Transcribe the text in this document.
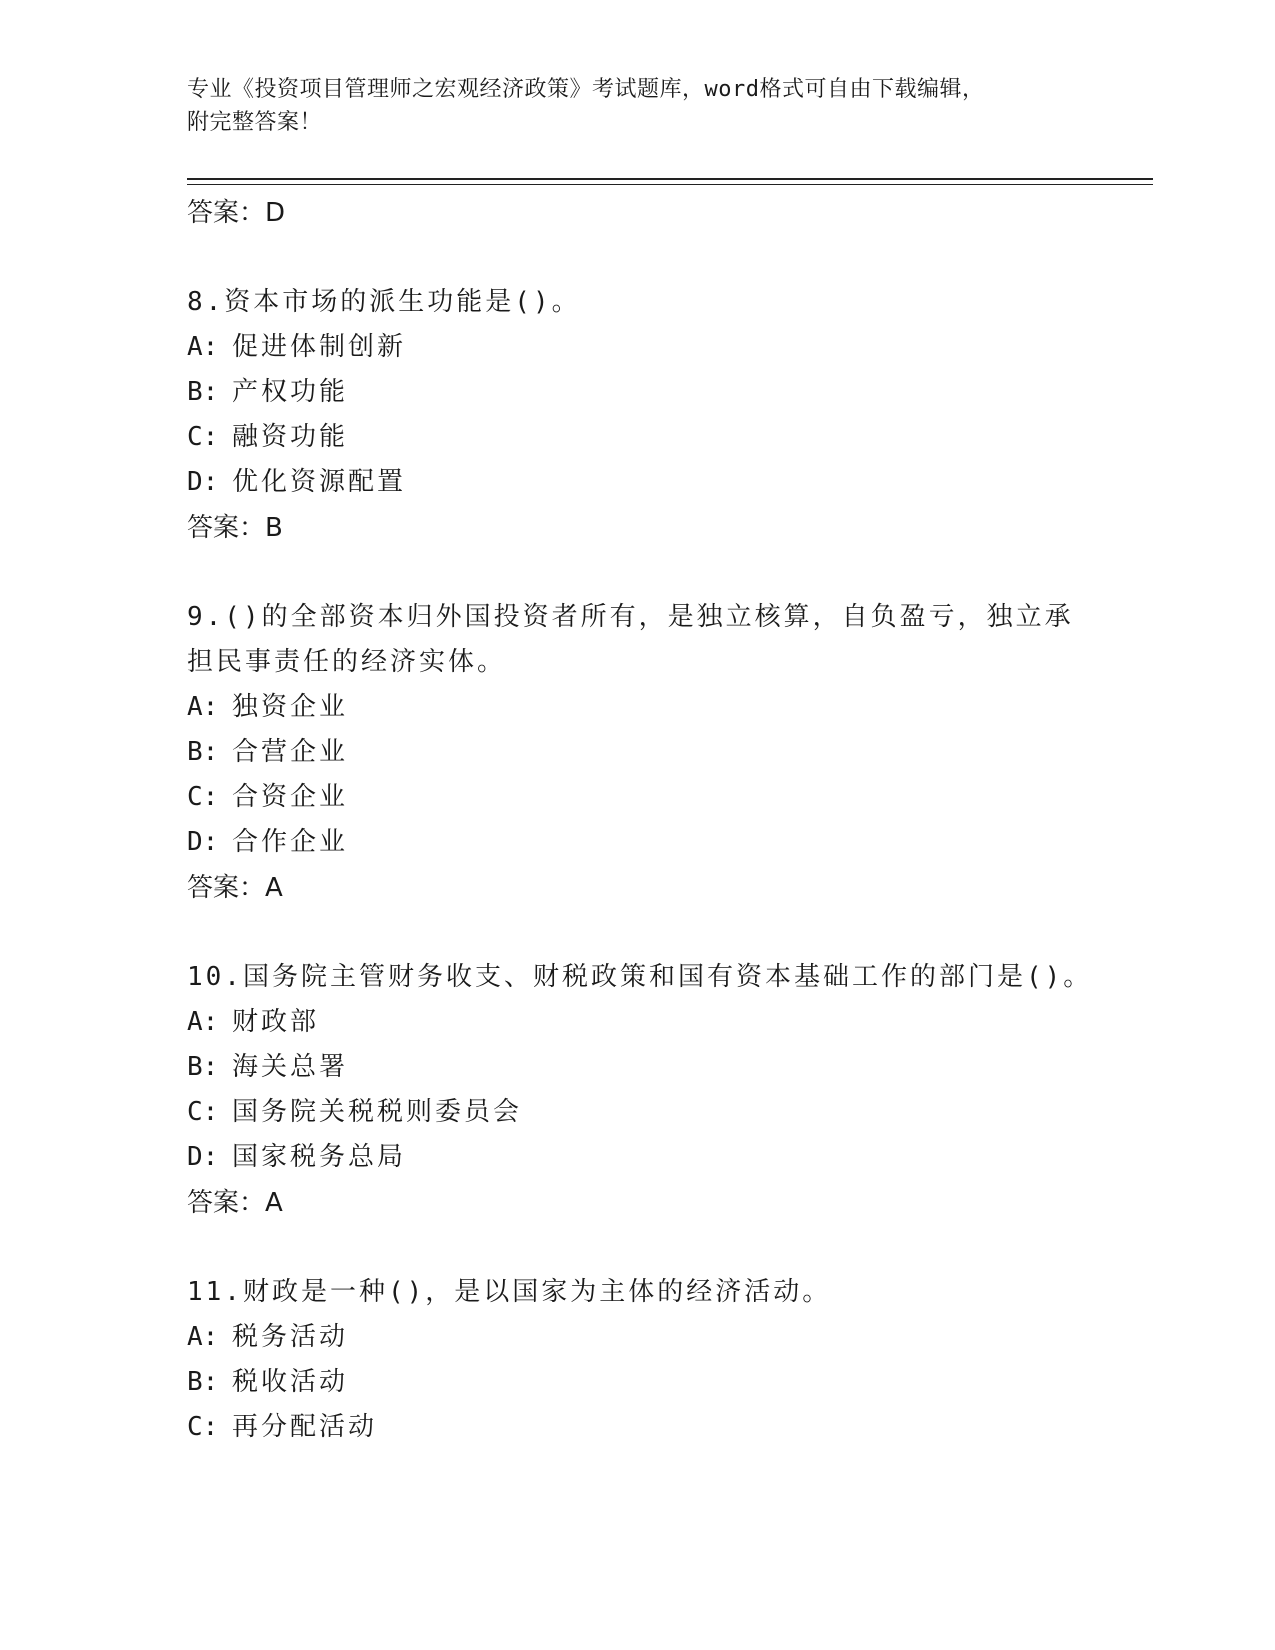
专业《投资项目管理师之宏观经济政策》考试题库，word格式可自由下载编辑，
附完整答案！
答案：D
8.资本市场的派生功能是()。
A: 促进体制创新
B: 产权功能
C: 融资功能
D: 优化资源配置
答案：B
9.()的全部资本归外国投资者所有，是独立核算，自负盈亏，独立承
担民事责任的经济实体。
A: 独资企业
B: 合营企业
C: 合资企业
D: 合作企业
答案：A
10.国务院主管财务收支、财税政策和国有资本基础工作的部门是()。
A: 财政部
B: 海关总署
C: 国务院关税税则委员会
D: 国家税务总局
答案：A
11.财政是一种()，是以国家为主体的经济活动。
A: 税务活动
B: 税收活动
C: 再分配活动
